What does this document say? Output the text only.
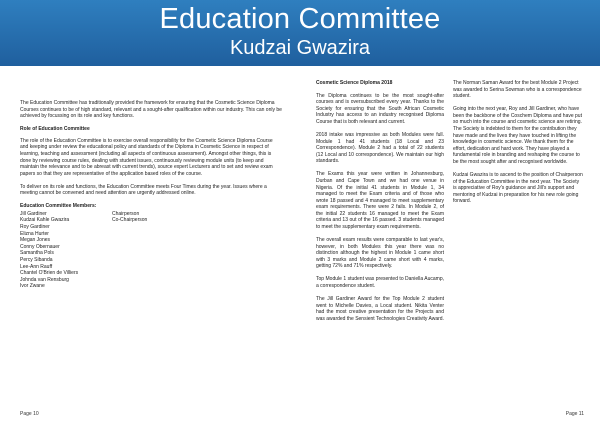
Education Committee
Kudzai Gwazira

The Education Committee has traditionally provided the framework for ensuring that the Cosmetic Science Diploma Courses continues to be of high standard, relevant and a sought-after qualification within our industry. This can only be achieved by focussing on its role and key functions.

Role of Education Committee

The role of the Education Committee is to exercise overall responsibility for the Cosmetic Science Diploma Course and keeping under review the educational policy and standards of the Diploma in Cosmetic Science in respect of learning, teaching and assessment (including all aspects of continuous assessment). Amongst other things, this is done by reviewing course rules, dealing with student issues, continuously reviewing module units (to keep and maintain the relevance and to be abreast with current trends), source expert Lecturers and to set and review exam papers so that they are representative of the application based roles of the course.

To deliver on its role and functions, the Education Committee meets Four Times during the year. Issues where a meeting cannot be convened and need attention are urgently addressed online.

Education Committee Members:
Jill Gardiner	Chairperson
Kudzai Kahle Gwazira	Co-Chairperson
Roy Gardiner
Elizna Hurter
Megan Jones
Conny Obernauer
Samantha Pols
Percy Sibanda
Lee-Ann Rauff
Chantel O'Brien de Villiers
Johnda van Rensburg
Ivor Zwane
Cosmetic Science Diploma 2018

The Diploma continues to be the most sought-after courses and is oversubscribed every year. Thanks to the Society for ensuring that the South African Cosmetic Industry has access to an industry recognised Diploma Course that is both relevant and current.

2018 intake was impressive as both Modules were full. Module 1 had 41 students (18 Local and 23 Correspondence). Module 2 had a total of 22 students (12 Local and 10 correspondence). We maintain our high standards.

The Exams this year were written in Johannesburg, Durban and Cape Town and we had one venue in Nigeria. Of the initial 41 students in Module 1, 34 managed to meet the Exam criteria and of those who wrote 18 passed and 4 managed to meet supplementary exam requirements. There were 2 fails. In Module 2, of the initial 22 students 16 managed to meet the Exam criteria and 13 out of the 16 passed. 3 students managed to meet the supplementary exam requirements.

The overall exam results were comparable to last year's, however, in both Modules this year there was no distinction although the highest in Module 1 came short with 3 marks and Module 2 came short with 4 marks, getting 72% and 71% respectively.

Top Module 1 student was presented to Daniella Aucamp, a correspondence student.

The Jill Gardiner Award for the Top Module 2 student went to Michelle Davies, a Local student. Nikita Venter had the most creative presentation for the Projects and was awarded the Sensient Technologies Creativity Award.

The Norman Saman Award for the best Module 2 Project was awarded to Serina Sowman who is a correspondence student.

Going into the next year, Roy and Jill Gardiner, who have been the backbone of the Coschem Diploma and have put so much into the course and cosmetic science are retiring. The Society is indebted to them for the contribution they have made and the lives they have touched in lifting the knowledge in cosmetic science. We thank them for the effort, dedication and hard work. They have played a fundamental role in branding and reshaping the course to be the most sought after and recognised worldwide.

Kudzai Gwazira is to ascend to the position of Chairperson of the Education Committee in the next year. The Society is appreciative of Roy's guidance and Jill's support and mentoring of Kudzai in preparation for his new role going forward.

Page 10	Page 11
